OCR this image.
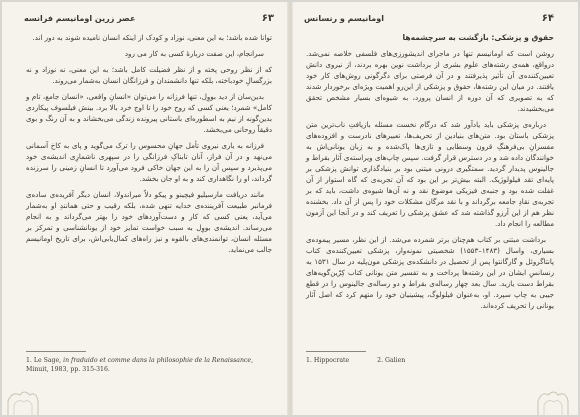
۶۳
عصر زرین اومانیسم فرانسه

توانا شده باشد؛ به این معنی، نوزاد و کودک از اینکه انسان نامیده شوند به دور اند.

سرانجام، این صفت دربارهٔ کسی به کار می رود

که از نظر روحی پخته و از نظر فضیلت کامل باشد؛ به این معنی، نه نوزاد و نه بزرگسالِ خودباخته، بلکه تنها دانشمندان و فرزانگان انسان به‌شمار می‌روند.

بدین‌سان از دید بووِل، تنها فرزانه را می‌توان «انسانِ واقعی، «انسان جامع، تام و کامل» شمرد؛ یعنی کسی که روح خود را تا اوج خرد بالا برد. بینش فیلسوف پیکاردی بدین‌گونه از نیم به اسطوره‌ای باستانی پیرونده زندگی می‌بخشاند و به آن رنگ و بوی دقیقاً روحانی می‌بخشد.

فرزانه به یاری نیروی تأمل جهانِ محسوس را ترک می‌گوید و پای به کاخ آسمانی می‌نهد و در آن فراز، آنان تابناکِ فرزانگی را در سپهری ناشمارِی اندیشه‌ی خود می‌پذیرد و سپس آن را به این جهان خاکی فرود می‌آورد تا انسانِ زمینی را سرزنده گرداند، او را نگاهداری کند و به او جان بخشد.

مانند دریافت مارسیلیو فیچینو و پیکو دلاّ میراندولا، انسان دیگر آفریده‌ی ساده‌ی فرمانبر طبیعت آفریننده‌ی خدایه تنهی شده، بلکه رقیب و حتی همانندِ او به‌شمار می‌آید، یعنی کسی که کار و دست‌آوردهای خود را بهتر می‌گرداند و به انجام می‌رساند. اندیشه‌ی بووِل به سبب خواست تمایز خود از یونانشناسی و تمرکز بر مسئله انسان، توانمندی‌های بالقوه و نیز راه‌های کمال‌یابی‌اش، برای تاریخ اومانیسم جالب می‌نماید.

1. Le Sage, in fraduido et comme dans la philosophie de la Renaissance, Minuit, 1983, pp. 315-316.

۶۴
اومانیسم و رنسانس

حقوق و پزشکی: بازگشت به سرچشمه‌ها

روشن است که اومانیسم تنها در ماجرای اندیشورزی‌های فلسفی خلاصه نمی‌شد. درواقع، همه‌ی رشته‌های علوم بشری از برداشت نوین بهره بردند، از نیروی دانش تعیین‌کننده‌ی آن تأثیر پذیرفتند و در آن فرصتی برای دگرگونی روش‌های کار خود یافتند. در میان این رشته‌ها، حقوق و پزشکی از این‌رو اهمیت ویژه‌ای برخوردار شدند که به تصویری که آن دوره از انسان پرورد، به شیوه‌ای بسیار مشخص تحقق می‌بخشیدند.

درباره‌ی پزشکی باید یادآور شد که درگام نخست مسئله بازیافتِ ناب‌ترین متن پزشکی باستان بود. متن‌های بنیادین از تحریف‌ها، تعبیرهای نادرست و افزوده‌های مفسرانِ بی‌فرهنگِ قرون وسطایی و تازی‌ها پاک‌شده و به زبان یونانی‌اش به خوانندگان داده شد و در دسترس قرار گرفت. سپس چاپ‌های ویراسته‌ی آثار بقراط و جالینوس پدیدار گردید. سمتگیری درونی میتنی بود بر بنیادگذاری توانش پزشکی بر پایه‌ای تقد فیلولوژیک. البته بیش‌تر بر این بود که آن تجربه‌ی که گاه استوار از آن غفلت شده بود و جنبه‌ی فیزیکی موضوع نقد و نه آن‌ها شیوه‌ی داشت، باید که بر تجربه‌ی نقادِ جامعه برگرداند و با نقد مرگان مشکلات خود را پس از آن داد. بخشنده نظر هم از این آرزو گذاشته شد که عشق پزشکی را تعریف کند و در آنجا این آزمون مطالعه را انجام داد.

برداشت مبتنی بر کتاب هم‌چنان برتر شمرده می‌شد. از این نظر، مسیر پیموده‌ی بسیاری، واسال (۱۴۸۳–۱۵۵۳) شخصیتی نمونه‌وار، پزشکی تعیین‌کننده‌ی کتاب پانتاگرو‌ئل و گارگانتوا پس از تحصیل در دانشکده‌ی پزشکی مون‌پلیه در سال ۱۵۳۱ به رنسانسِ ایشان در این رشته‌ها پرداخت و به تفسیر متن یونانی کتاب کِرّین‌گویه‌های بقراط دست یازید. سال بعد چهار رساله‌ی بقراط و دو رساله‌ی جالینوس را در قطع جیبی به چاپ سپرد. او، به‌عنوان فیلولوگ، پیشینیان خود را متهم کرد که اصل آثار یونانی را تحریف کرده‌اند.

1. Hippocrate	2. Galien
